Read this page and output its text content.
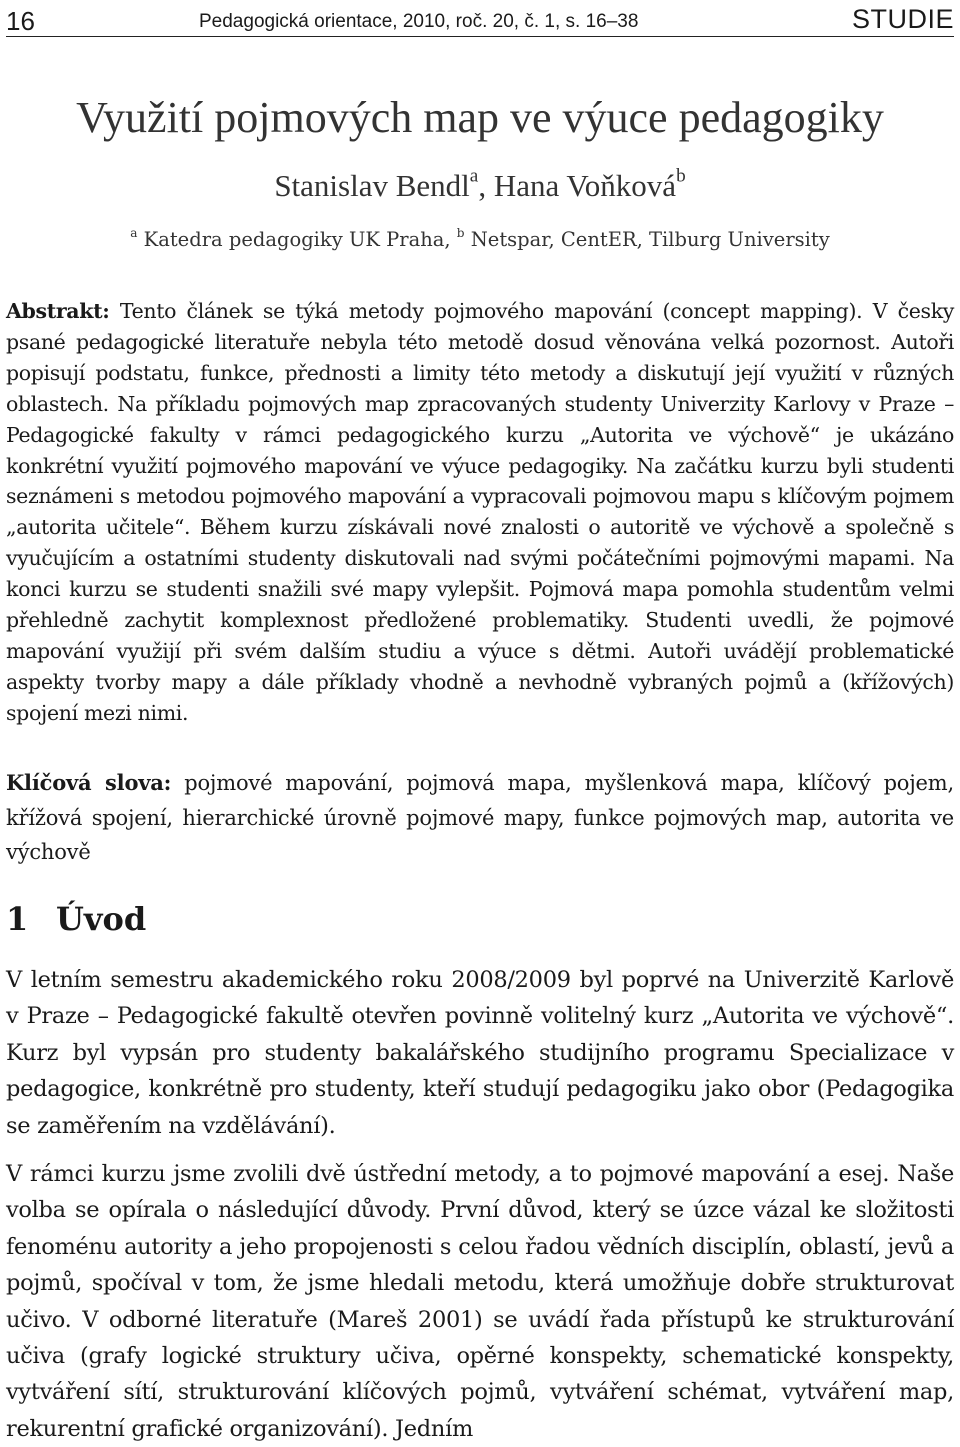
16	Pedagogická orientace, 2010, roč. 20, č. 1, s. 16–38	STUDIE
Využití pojmových map ve výuce pedagogiky
Stanislav Bendl$^a$, Hana Voňková$^b$
$^a$ Katedra pedagogiky UK Praha, $^b$ Netspar, CentER, Tilburg University

Abstrakt: Tento článek se týká metody pojmového mapování (concept mapping). V česky psané pedagogické literatuře nebyla této metodě dosud věnována velká pozornost. Autoři popisují podstatu, funkce, přednosti a limity této metody a diskutují její využití v různých oblastech. Na příkladu pojmových map zpracovaných studenty Univerzity Karlovy v Praze – Pedagogické fakulty v rámci pedagogického kurzu „Autorita ve výchově“ je ukázáno konkrétní využití pojmového mapování ve výuce pedagogiky. Na začátku kurzu byli studenti seznámeni s metodou pojmového mapování a vypracovali pojmovou mapu s klíčovým pojmem „autorita učitele“. Během kurzu získávali nové znalosti o autoritě ve výchově a společně s vyučujícím a ostatními studenty diskutovali nad svými počátečními pojmovými mapami. Na konci kurzu se studenti snažili své mapy vylepšit. Pojmová mapa pomohla studentům velmi přehledně zachytit komplexnost předložené problematiky. Studenti uvedli, že pojmové mapování využijí při svém dalším studiu a výuce s dětmi. Autoři uvádějí problematické aspekty tvorby mapy a dále příklady vhodně a nevhodně vybraných pojmů a (křížových) spojení mezi nimi.

Klíčová slova: pojmové mapování, pojmová mapa, myšlenková mapa, klíčový pojem, křížová spojení, hierarchické úrovně pojmové mapy, funkce pojmových map, autorita ve výchově

1 Úvod

V letním semestru akademického roku 2008/2009 byl poprvé na Univerzitě Karlově v Praze – Pedagogické fakultě otevřen povinně volitelný kurz „Autorita ve výchově“. Kurz byl vypsán pro studenty bakalářského studijního programu Specializace v pedagogice, konkrétně pro studenty, kteří studují pedagogiku jako obor (Pedagogika se zaměřením na vzdělávání).

V rámci kurzu jsme zvolili dvě ústřední metody, a to pojmové mapování a esej. Naše volba se opírala o následující důvody. První důvod, který se úzce vázal ke složitosti fenoménu autority a jeho propojenosti s celou řadou vědních disciplín, oblastí, jevů a pojmů, spočíval v tom, že jsme hledali metodu, která umožňuje dobře strukturovat učivo. V odborné literatuře (Mareš 2001) se uvádí řada přístupů ke strukturování učiva (grafy logické struktury učiva, opěrné konspekty, schematické konspekty, vytváření sítí, strukturování klíčových pojmů, vytváření schémat, vytváření map, rekurentní grafické organizování). Jedním
